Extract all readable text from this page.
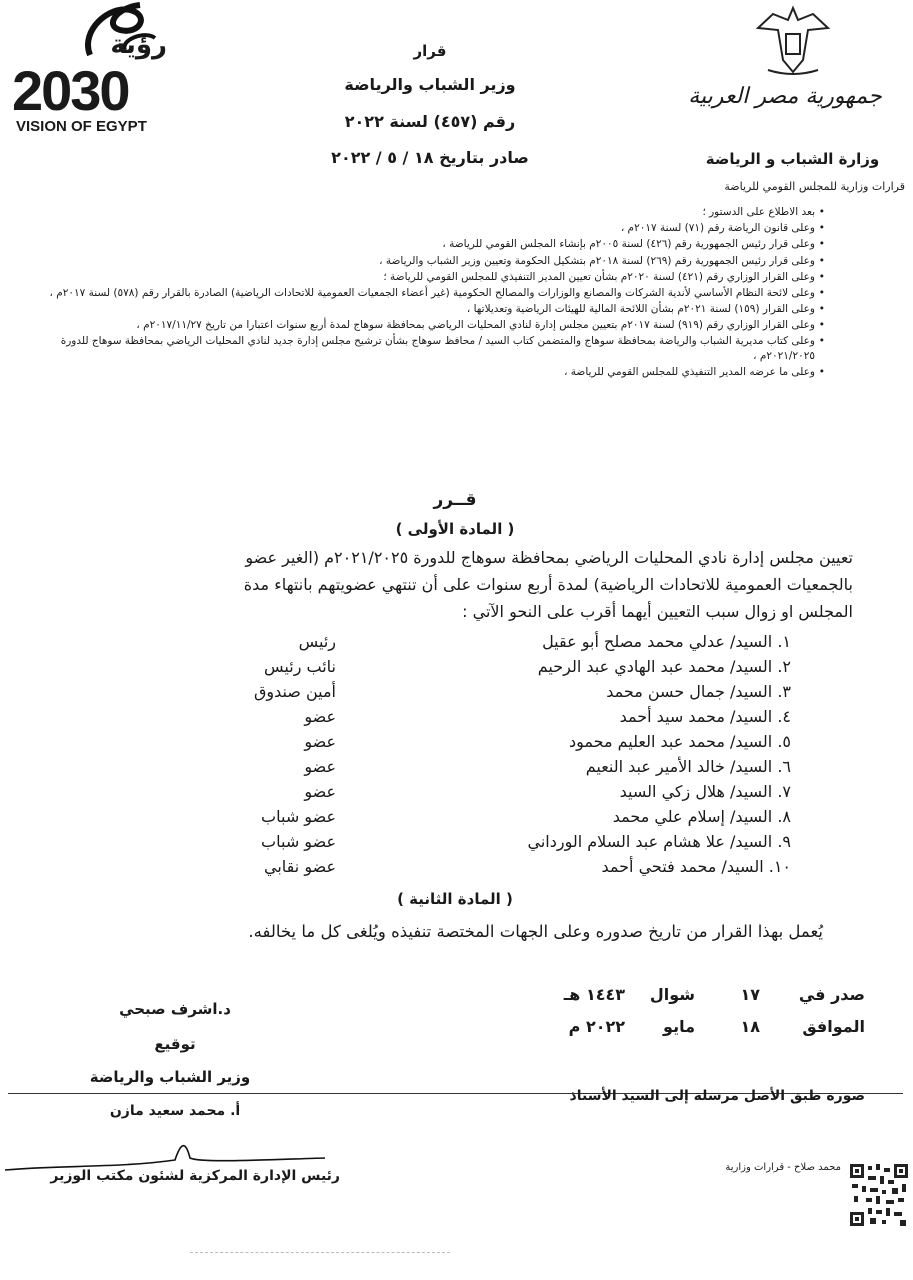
رؤية
2030
VISION OF EGYPT
جمهورية مصر العربية
وزارة الشباب و الرياضة
قرارات وزارية للمجلس القومي للرياضة
قرار
وزير الشباب والرياضة
رقم (٤٥٧) لسنة ٢٠٢٢
صادر بتاريخ ١٨ / ٥ / ٢٠٢٢
• بعد الاطلاع على الدستور ؛
• وعلى قانون الرياضة رقم (٧١) لسنة ٢٠١٧م ،
• وعلى قرار رئيس الجمهورية رقم (٤٢٦) لسنة ٢٠٠٥م بإنشاء المجلس القومي للرياضة ،
• وعلى قرار رئيس الجمهورية رقم (٢٦٩) لسنة ٢٠١٨م بتشكيل الحكومة وتعيين وزير الشباب والرياضة ،
• وعلى القرار الوزاري رقم (٤٢١) لسنة ٢٠٢٠م بشأن تعيين المدير التنفيذي للمجلس القومي للرياضة ؛
• وعلى لائحة النظام الأساسي لأندية الشركات والمصانع والوزارات والمصالح الحكومية (غير أعضاء الجمعيات العمومية للاتحادات الرياضية) الصادرة بالقرار رقم (٥٧٨) لسنة ٢٠١٧م ،
• وعلى القرار (١٥٩) لسنة ٢٠٢١م بشأن اللائحة المالية للهيئات الرياضية وتعديلاتها ،
• وعلى القرار الوزاري رقم (٩١٩) لسنة ٢٠١٧م بتعيين مجلس إدارة لنادي المحليات الرياضي بمحافظة سوهاج لمدة أربع سنوات اعتبارا من تاريخ ٢٠١٧/١١/٢٧م ،
• وعلى كتاب مديرية الشباب والرياضة بمحافظة سوهاج والمتضمن كتاب السيد / محافظ سوهاج بشأن ترشيح مجلس إدارة جديد لنادي المحليات الرياضي بمحافظة سوهاج للدورة ٢٠٢١/٢٠٢٥م ،
• وعلى ما عرضه المدير التنفيذي للمجلس القومي للرياضة ،
قــرر
( المادة الأولى )
تعيين مجلس إدارة نادي المحليات الرياضي بمحافظة سوهاج للدورة ٢٠٢١/٢٠٢٥م (الغير عضو
بالجمعيات العمومية للاتحادات الرياضية) لمدة أربع سنوات على أن تنتهي عضويتهم بانتهاء مدة
المجلس او زوال سبب التعيين أيهما أقرب على النحو الآتي :
١. السيد/ عدلي محمد مصلح أبو عقيل
رئيس
٢. السيد/ محمد عبد الهادي عبد الرحيم
نائب رئيس
٣. السيد/ جمال حسن محمد
أمين صندوق
٤. السيد/ محمد سيد أحمد
عضو
٥. السيد/ محمد عبد العليم محمود
عضو
٦. السيد/ خالد الأمير عبد النعيم
عضو
٧. السيد/ هلال زكي السيد
عضو
٨. السيد/ إسلام علي محمد
عضو شباب
٩. السيد/ علا هشام عبد السلام الورداني
عضو شباب
١٠. السيد/ محمد فتحي أحمد
عضو نقابي
( المادة الثانية )
يُعمل بهذا القرار من تاريخ صدوره وعلى الجهات المختصة تنفيذه ويُلغى كل ما يخالفه.
صدر في
١٧
شوال
١٤٤٣ هـ
الموافق
١٨
مايو
٢٠٢٢ م
د.اشرف صبحي
توقيع
وزير الشباب والرياضة
صورة طبق الأصل مرسلة إلى السيد الأستاذ
أ. محمد سعيد مازن
رئيس الإدارة المركزية لشئون مكتب الوزير
محمد صلاح - قرارات وزارية
